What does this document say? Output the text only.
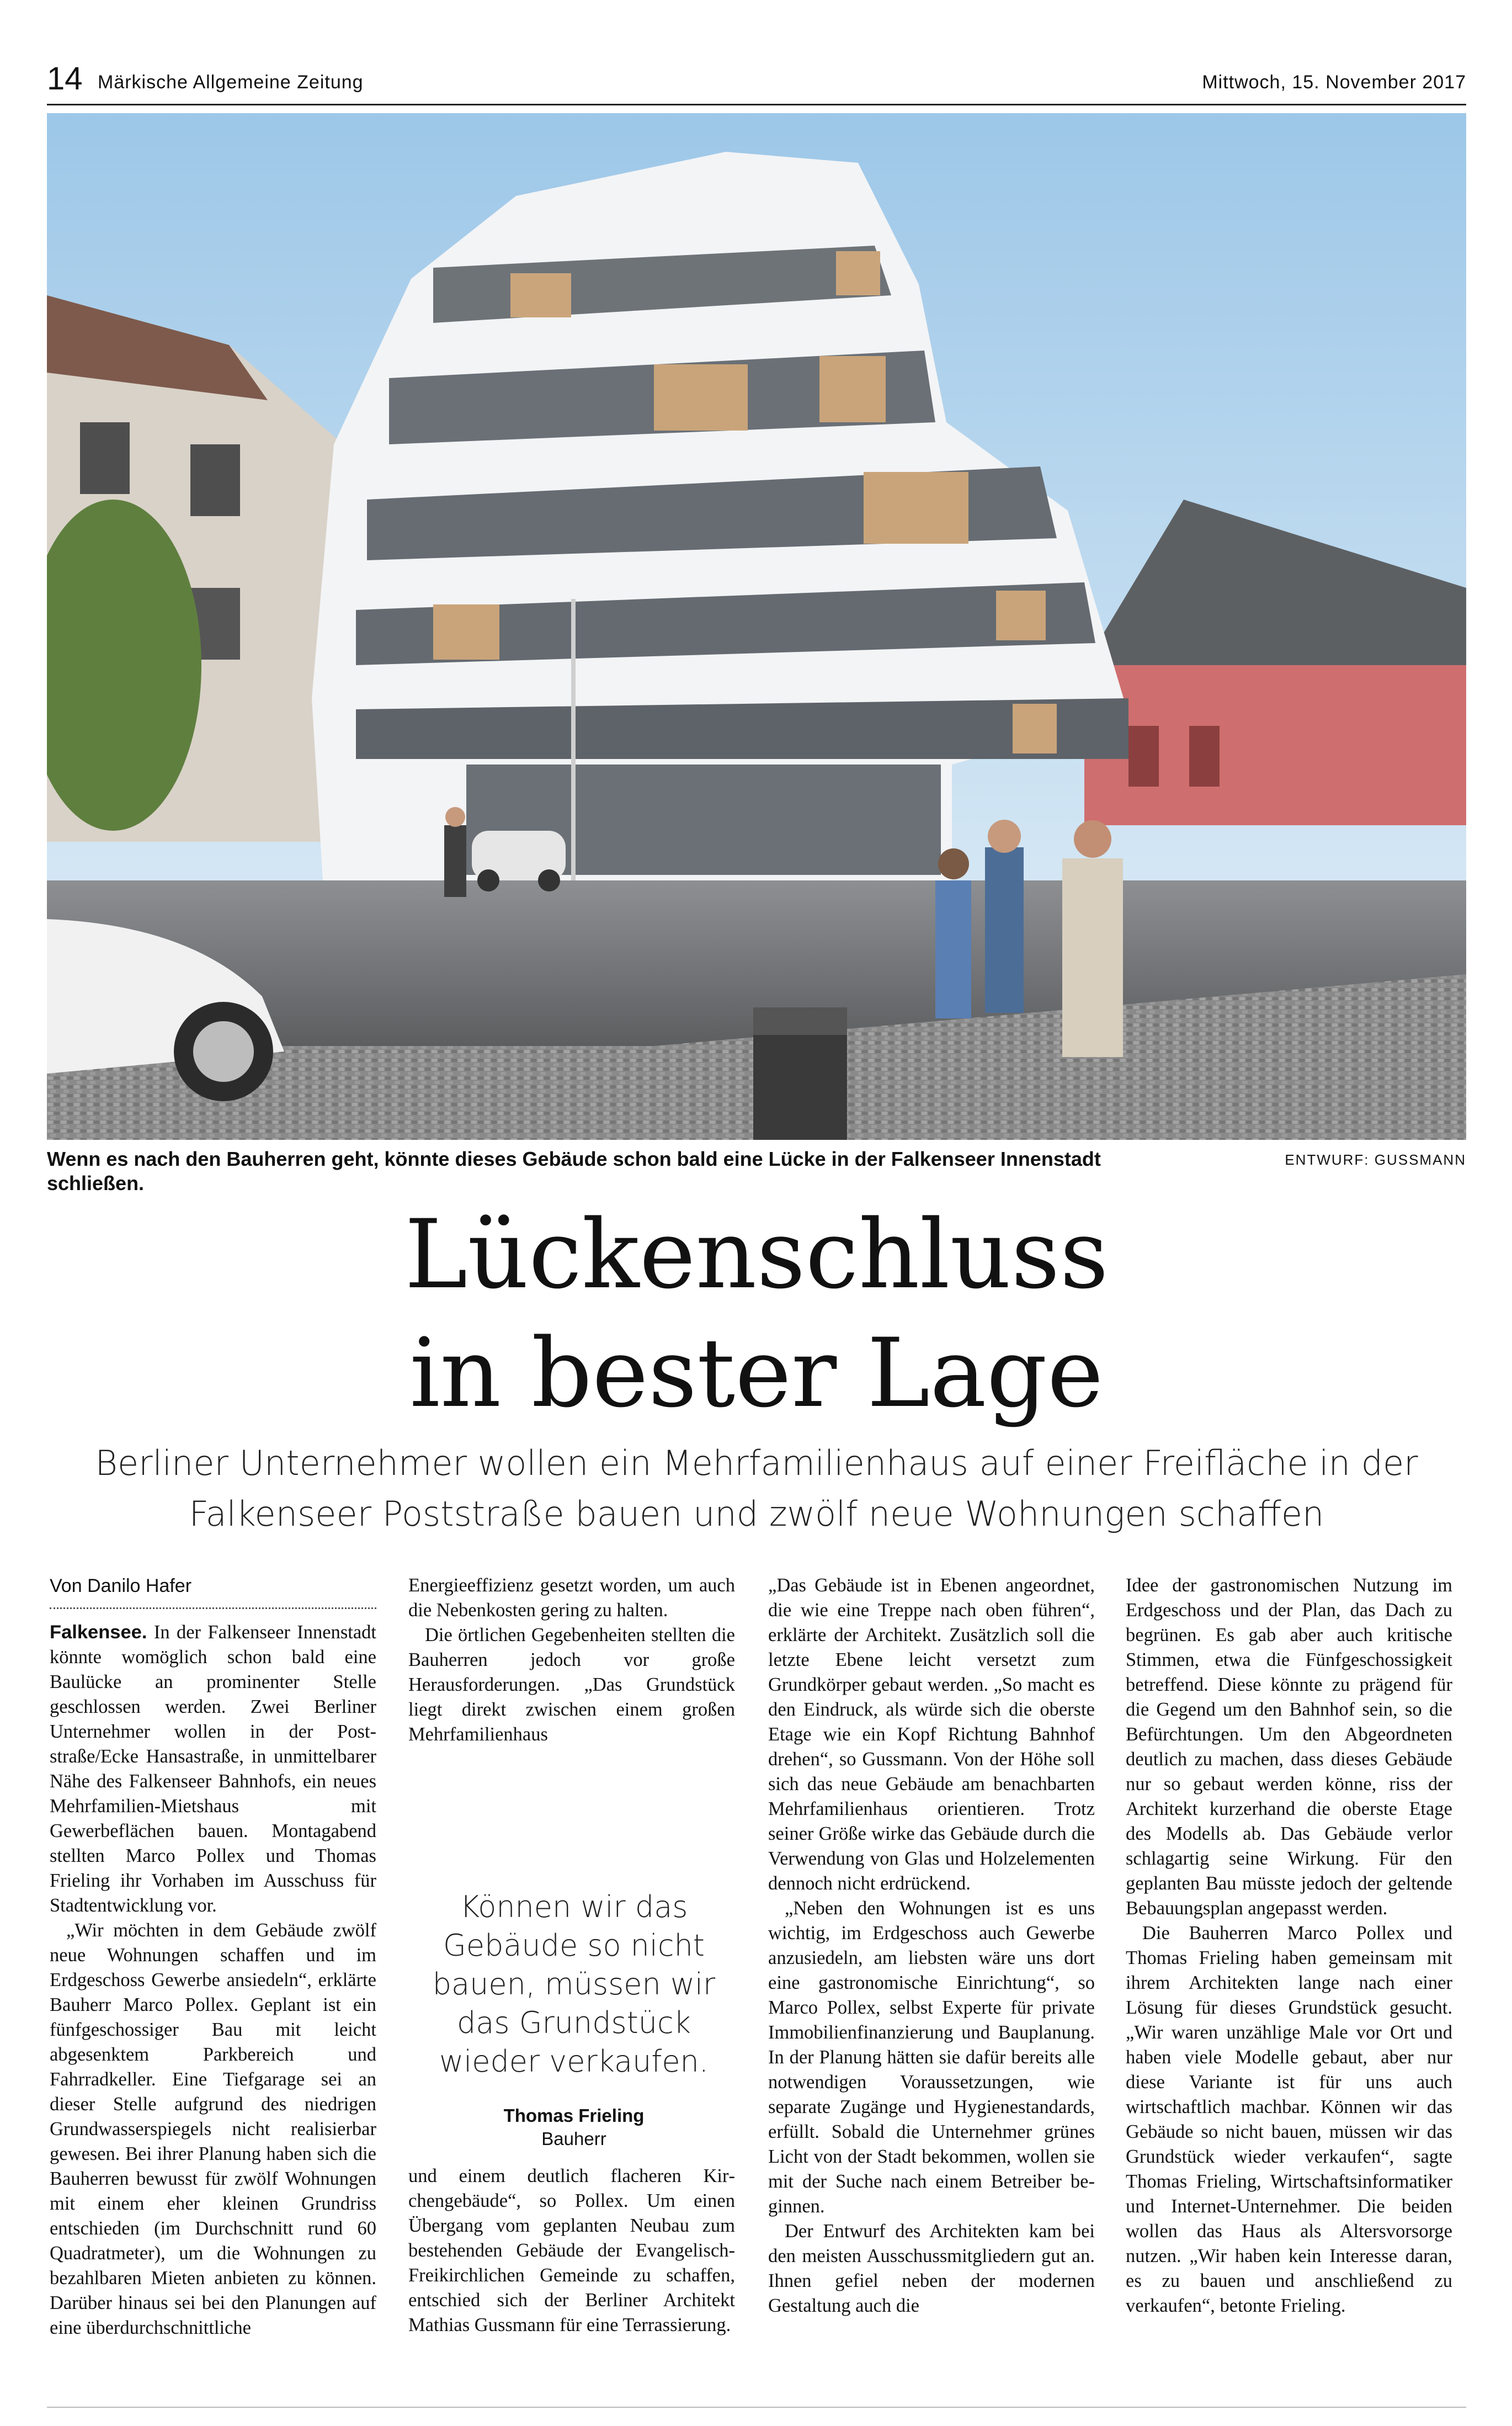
14 Märkische Allgemeine Zeitung	Mittwoch, 15. November 2017
Wenn es nach den Bauherren geht, könnte dieses Gebäude schon bald eine Lücke in der Falkenseer Innenstadt schließen.
ENTWURF: GUSSMANN
Lückenschluss
in bester Lage
Berliner Unternehmer wollen ein Mehrfamilienhaus auf einer Freifläche in der
Falkenseer Poststraße bauen und zwölf neue Wohnungen schaffen
Von Danilo Hafer

Falkensee. In der Falkenseer Innenstadt könnte womöglich schon bald eine Baulücke an prominenter Stelle geschlossen werden. Zwei Berliner Unternehmer wollen in der Poststraße/Ecke Hansastraße, in unmittelbarer Nähe des Falkenseer Bahnhofs, ein neues Mehrfamilien-Mietshaus mit Gewerbeflächen bauen. Montagabend stellten Marco Pollex und Thomas Frieling ihr Vorhaben im Ausschuss für Stadtentwicklung vor.

„Wir möchten in dem Gebäude zwölf neue Wohnungen schaffen und im Erdgeschoss Gewerbe ansiedeln“, erklärte Bauherr Marco Pollex. Geplant ist ein fünfgeschossiger Bau mit leicht abgesenktem Parkbereich und Fahrradkeller. Eine Tiefgarage sei an dieser Stelle aufgrund des niedrigen Grundwasserspiegels nicht realisierbar gewesen. Bei ihrer Planung haben sich die Bauherren bewusst für zwölf Wohnungen mit einem eher kleinen Grundriss entschieden (im Durchschnitt rund 60 Quadratmeter), um die Wohnungen zu bezahlbaren Mieten anbieten zu können. Darüber hinaus sei bei den Planungen auf eine überdurchschnittliche

Energieeffizienz gesetzt worden, um auch die Nebenkosten gering zu halten.

Die örtlichen Gegebenheiten stellten die Bauherren jedoch vor große Herausforderungen. „Das Grundstück liegt direkt zwischen einem großen Mehrfamilienhaus

und einem deutlich flacheren Kirchengebäude“, so Pollex. Um einen Übergang vom geplanten Neubau zum bestehenden Gebäude der Evangelisch-Freikirchlichen Gemeinde zu schaffen, entschied sich der Berliner Architekt Mathias Gussmann für eine Terrassierung.

Können wir das
Gebäude so nicht
bauen, müssen wir
das Grundstück
wieder verkaufen.
Thomas Frieling
Bauherr

„Das Gebäude ist in Ebenen angeordnet, die wie eine Treppe nach oben führen“, erklärte der Architekt. Zusätzlich soll die letzte Ebene leicht versetzt zum Grundkörper gebaut werden. „So macht es den Eindruck, als würde sich die oberste Etage wie ein Kopf Richtung Bahnhof drehen“, so Gussmann. Von der Höhe soll sich das neue Gebäude am benachbarten Mehrfamilienhaus orientieren. Trotz seiner Größe wirke das Gebäude durch die Verwendung von Glas und Holzelementen dennoch nicht erdrückend.

„Neben den Wohnungen ist es uns wichtig, im Erdgeschoss auch Gewerbe anzusiedeln, am liebsten wäre uns dort eine gastronomische Einrichtung“, so Marco Pollex, selbst Experte für private Immobilienfinanzierung und Bauplanung. In der Planung hätten sie dafür bereits alle notwendigen Voraussetzungen, wie separate Zugänge und Hygienestandards, erfüllt. Sobald die Unternehmer grünes Licht von der Stadt bekommen, wollen sie mit der Suche nach einem Betreiber beginnen.

Der Entwurf des Architekten kam bei den meisten Ausschussmitgliedern gut an. Ihnen gefiel neben der modernen Gestaltung auch die

Idee der gastronomischen Nutzung im Erdgeschoss und der Plan, das Dach zu begrünen. Es gab aber auch kritische Stimmen, etwa die Fünfgeschossigkeit betreffend. Diese könnte zu prägend für die Gegend um den Bahnhof sein, so die Befürchtungen. Um den Abgeordneten deutlich zu machen, dass dieses Gebäude nur so gebaut werden könne, riss der Architekt kurzerhand die oberste Etage des Modells ab. Das Gebäude verlor schlagartig seine Wirkung. Für den geplanten Bau müsste jedoch der geltende Bebauungsplan angepasst werden.

Die Bauherren Marco Pollex und Thomas Frieling haben gemeinsam mit ihrem Architekten lange nach einer Lösung für dieses Grundstück gesucht. „Wir waren unzählige Male vor Ort und haben viele Modelle gebaut, aber nur diese Variante ist für uns auch wirtschaftlich machbar. Können wir das Gebäude so nicht bauen, müssen wir das Grundstück wieder verkaufen“, sagte Thomas Frieling, Wirtschaftsinformatiker und Internet-Unternehmer. Die beiden wollen das Haus als Altersvorsorge nutzen. „Wir haben kein Interesse daran, es zu bauen und anschließend zu verkaufen“, betonte Frieling.
